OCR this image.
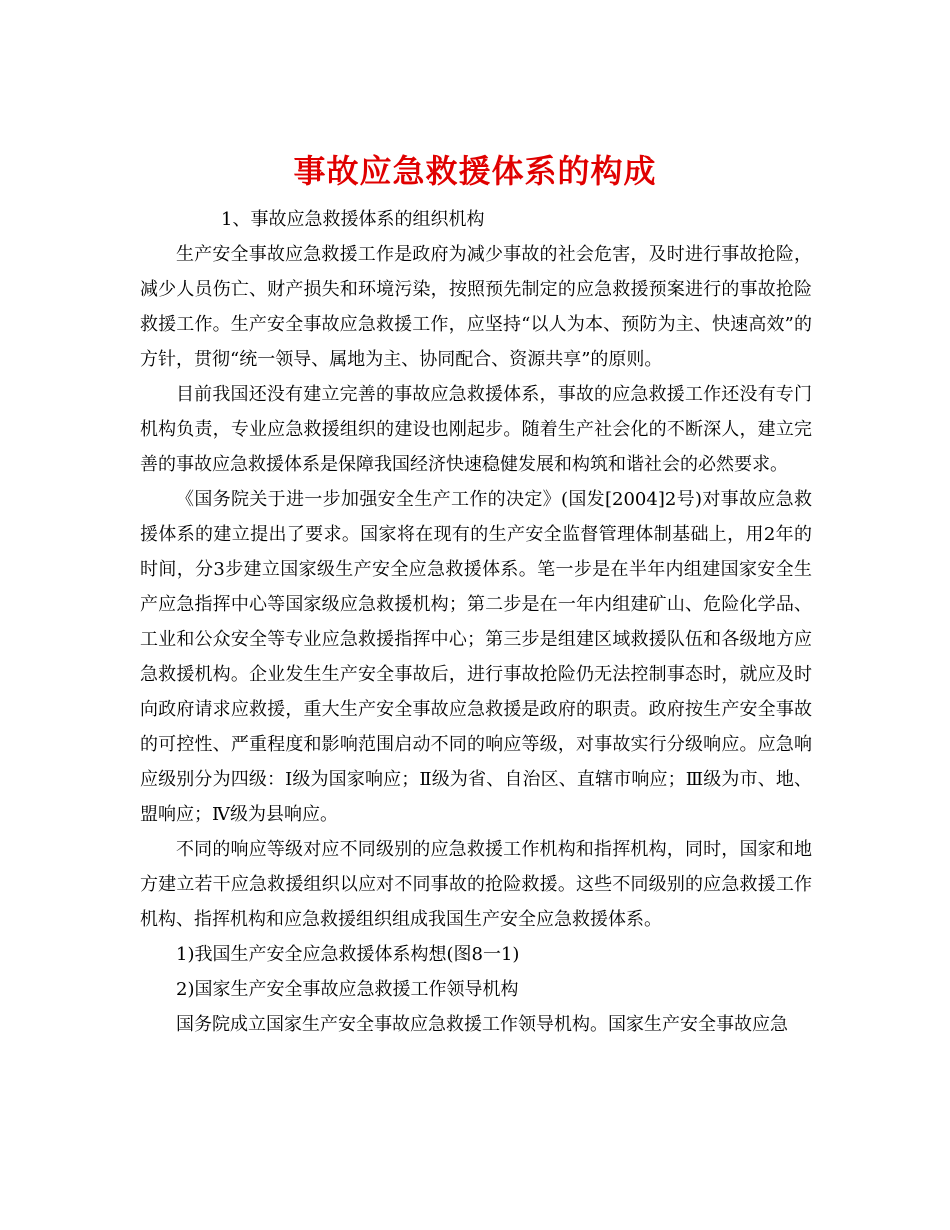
事故应急救援体系的构成

1、事故应急救援体系的组织机构

生产安全事故应急救援工作是政府为减少事故的社会危害，及时进行事故抢险，减少人员伤亡、财产损失和环境污染，按照预先制定的应急救援预案进行的事故抢险救援工作。生产安全事故应急救援工作，应坚持“以人为本、预防为主、快速高效”的方针，贯彻“统一领导、属地为主、协同配合、资源共享”的原则。

目前我国还没有建立完善的事故应急救援体系，事故的应急救援工作还没有专门机构负责，专业应急救援组织的建设也刚起步。随着生产社会化的不断深人，建立完善的事故应急救援体系是保障我国经济快速稳健发展和构筑和谐社会的必然要求。

《国务院关于进一步加强安全生产工作的决定》(国发[2004]2号)对事故应急救援体系的建立提出了要求。国家将在现有的生产安全监督管理体制基础上，用2年的时间，分3步建立国家级生产安全应急救援体系。笔一步是在半年内组建国家安全生产应急指挥中心等国家级应急救援机构；第二步是在一年内组建矿山、危险化学品、工业和公众安全等专业应急救援指挥中心；第三步是组建区域救援队伍和各级地方应急救援机构。企业发生生产安全事故后，进行事故抢险仍无法控制事态时，就应及时向政府请求应救援，重大生产安全事故应急救援是政府的职责。政府按生产安全事故的可控性、严重程度和影响范围启动不同的响应等级，对事故实行分级响应。应急响应级别分为四级：Ⅰ级为国家响应；Ⅱ级为省、自治区、直辖市响应；Ⅲ级为市、地、盟响应；Ⅳ级为县响应。

不同的响应等级对应不同级别的应急救援工作机构和指挥机构，同时，国家和地方建立若干应急救援组织以应对不同事故的抢险救援。这些不同级别的应急救援工作机构、指挥机构和应急救援组织组成我国生产安全应急救援体系。

1)我国生产安全应急救援体系构想(图8一1)

2)国家生产安全事故应急救援工作领导机构

国务院成立国家生产安全事故应急救援工作领导机构。国家生产安全事故应急
